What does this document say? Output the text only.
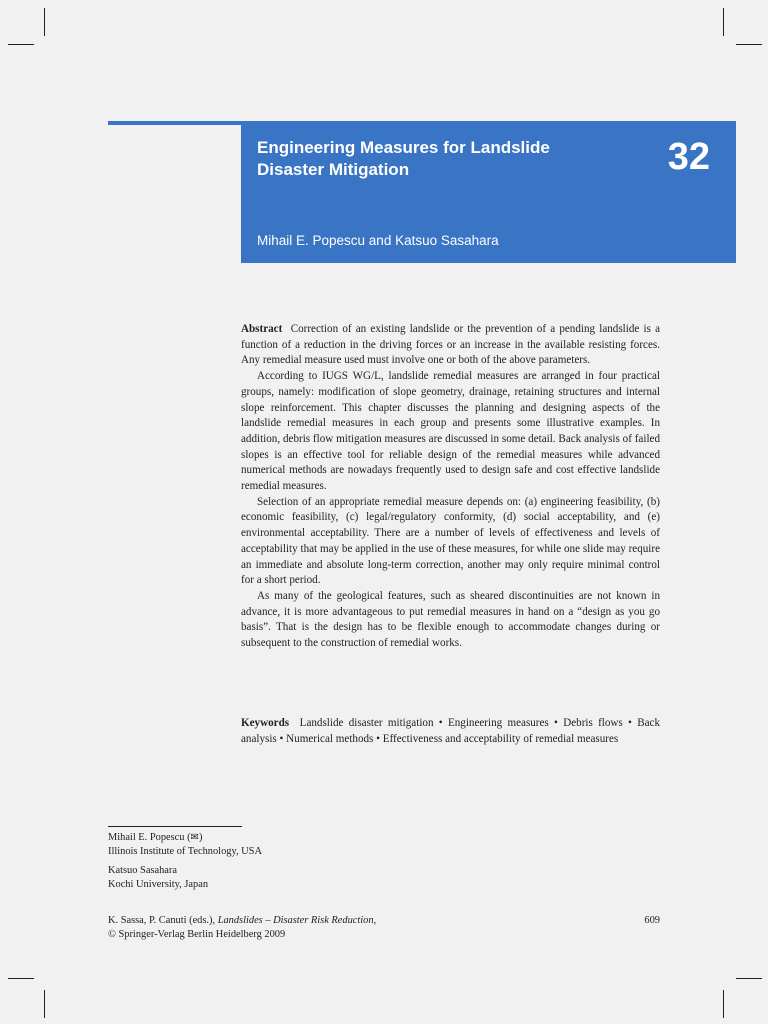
Engineering Measures for Landslide
Disaster Mitigation	32
Mihail E. Popescu and Katsuo Sasahara

Abstract Correction of an existing landslide or the prevention of a pending landslide is a function of a reduction in the driving forces or an increase in the available resisting forces. Any remedial measure used must involve one or both of the above parameters.

According to IUGS WG/L, landslide remedial measures are arranged in four practical groups, namely: modification of slope geometry, drainage, retaining structures and internal slope reinforcement. This chapter discusses the planning and designing aspects of the landslide remedial measures in each group and presents some illustrative examples. In addition, debris flow mitigation measures are discussed in some detail. Back analysis of failed slopes is an effective tool for reliable design of the remedial measures while advanced numerical methods are nowadays frequently used to design safe and cost effective landslide remedial measures.

Selection of an appropriate remedial measure depends on: (a) engineering feasibility, (b) economic feasibility, (c) legal/regulatory conformity, (d) social acceptability, and (e) environmental acceptability. There are a number of levels of effectiveness and levels of acceptability that may be applied in the use of these measures, for while one slide may require an immediate and absolute long-term correction, another may only require minimal control for a short period.

As many of the geological features, such as sheared discontinuities are not known in advance, it is more advantageous to put remedial measures in hand on a “design as you go basis”. That is the design has to be flexible enough to accommodate changes during or subsequent to the construction of remedial works.

Keywords Landslide disaster mitigation • Engineering measures • Debris flows • Back analysis • Numerical methods • Effectiveness and acceptability of remedial measures
Mihail E. Popescu (✉)
Illinois Institute of Technology, USA
Katsuo Sasahara
Kochi University, Japan
K. Sassa, P. Canuti (eds.), Landslides – Disaster Risk Reduction,
© Springer-Verlag Berlin Heidelberg 2009
609
